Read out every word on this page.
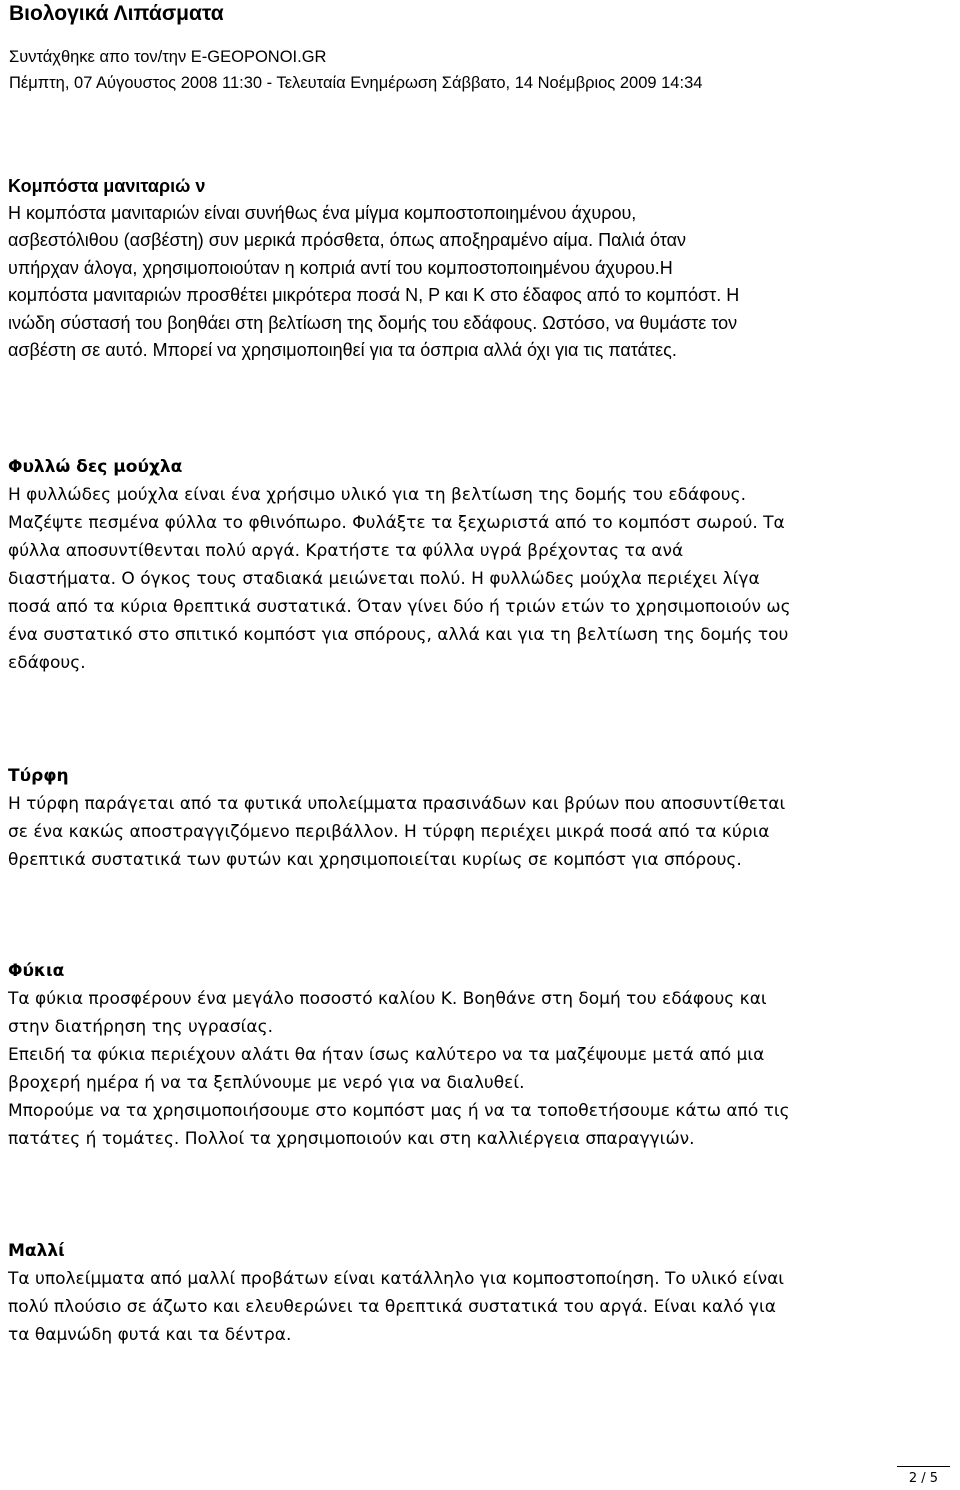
Βιολογικά Λιπάσματα
Συντάχθηκε απο τον/την E-GEOPONOI.GR
Πέμπτη, 07 Αύγουστος 2008 11:30 - Τελευταία Ενημέρωση Σάββατο, 14 Νοέμβριος 2009 14:34
Κομπόστα μανιταριώ ν

Η κομπόστα μανιταριών είναι συνήθως ένα μίγμα κομποστοποιημένου άχυρου,
ασβεστόλιθου (ασβέστη) συν μερικά πρόσθετα, όπως αποξηραμένο αίμα. Παλιά όταν
υπήρχαν άλογα, χρησιμοποιούταν η κοπριά αντί του κομποστοποιημένου άχυρου.Η
κομπόστα μανιταριών προσθέτει μικρότερα ποσά N, P και K στο έδαφος από το κομπόστ. Η
ινώδη σύστασή του βοηθάει στη βελτίωση της δομής του εδάφους. Ωστόσο, να θυμάστε τον
ασβέστη σε αυτό. Μπορεί να χρησιμοποιηθεί για τα όσπρια αλλά όχι για τις πατάτες.

Φυλλώ δες μούχλα

Η φυλλώδες μούχλα είναι ένα χρήσιμο υλικό για τη βελτίωση της δομής του εδάφους.
Μαζέψτε πεσμένα φύλλα το φθινόπωρο. Φυλάξτε τα ξεχωριστά από το κομπόστ σωρού. Τα
φύλλα αποσυντίθενται πολύ αργά. Κρατήστε τα φύλλα υγρά βρέχοντας τα ανά
διαστήματα. Ο όγκος τους σταδιακά μειώνεται πολύ. Η φυλλώδες μούχλα περιέχει λίγα
ποσά από τα κύρια θρεπτικά συστατικά. Όταν γίνει δύο ή τριών ετών το χρησιμοποιούν ως
ένα συστατικό στο σπιτικό κομπόστ για σπόρους, αλλά και για τη βελτίωση της δομής του
εδάφους.

Τύρφη

Η τύρφη παράγεται από τα φυτικά υπολείμματα πρασινάδων και βρύων που αποσυντίθεται
σε ένα κακώς αποστραγγιζόμενο περιβάλλον. Η τύρφη περιέχει μικρά ποσά από τα κύρια
θρεπτικά συστατικά των φυτών και χρησιμοποιείται κυρίως σε κομπόστ για σπόρους.

Φύκια

Τα φύκια προσφέρουν ένα μεγάλο ποσοστό καλίου K. Βοηθάνε στη δομή του εδάφους και
στην διατήρηση της υγρασίας.

Επειδή τα φύκια περιέχουν αλάτι θα ήταν ίσως καλύτερο να τα μαζέψουμε μετά από μια
βροχερή ημέρα ή να τα ξεπλύνουμε με νερό για να διαλυθεί.

Μπορούμε να τα χρησιμοποιήσουμε στο κομπόστ μας ή να τα τοποθετήσουμε κάτω από τις
πατάτες ή τομάτες. Πολλοί τα χρησιμοποιούν και στη καλλιέργεια σπαραγγιών.

Μαλλί

Τα υπολείμματα από μαλλί προβάτων είναι κατάλληλο για κομποστοποίηση. Το υλικό είναι
πολύ πλούσιο σε άζωτο και ελευθερώνει τα θρεπτικά συστατικά του αργά. Είναι καλό για
τα θαμνώδη φυτά και τα δέντρα.

2 / 5
